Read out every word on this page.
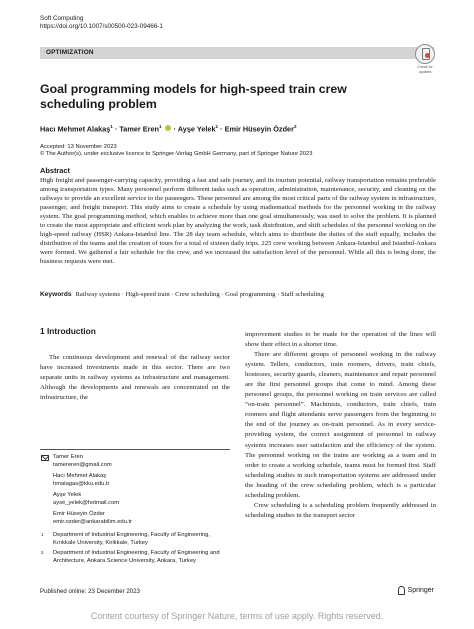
Soft Computing
https://doi.org/10.1007/s00500-023-09466-1
OPTIMIZATION
Check for
updates
Goal programming models for high-speed train crew scheduling problem
Hacı Mehmet Alakaş$^1$ · Tamer Eren$^1$  · Ayşe Yelek$^1$ · Emir Hüseyin Özder$^2$
Accepted: 13 November 2023
© The Author(s), under exclusive licence to Springer-Verlag GmbH Germany, part of Springer Nature 2023
Abstract
High freight and passenger-carrying capacity, providing a fast and safe journey, and its tourism potential, railway transportation remains preferable among transportation types. Many personnel perform different tasks such as operation, administration, maintenance, security, and cleaning on the railways to provide an excellent service to the passengers. These personnel are among the most critical parts of the railway system in infrastructure, passenger, and freight transport. This study aims to create a schedule by using mathematical methods for the personnel working in the railway system. The goal programming method, which enables to achieve more than one goal simultaneously, was used to solve the problem. It is planned to create the most appropriate and efficient work plan by analyzing the work, task distribution, and shift schedules of the personnel working on the high-speed railway (HSR) Ankara-Istanbul line. The 28 day team schedule, which aims to distribute the duties of the staff equally, includes the distribution of the teams and the creation of tours for a total of sixteen daily trips. 225 crew working between Ankara-Istanbul and Istanbul-Ankara were formed. We gathered a fair schedule for the crew, and we increased the satisfaction level of the personnel. While all this is being done, the business requests were met.
Keywords Railway systems · High-speed train · Crew scheduling · Goal programming · Staff scheduling
1 Introduction

The continuous development and renewal of the railway sector have increased investments made in this sector. There are two separate units in railway systems as infrastructure and management. Although the developments and renewals are concentrated on the infrastructure, the

improvement studies to be made for the operation of the lines will show their effect in a shorter time.

There are different groups of personnel working in the railway system. Tellers, conductors, train roomers, drivers, train chiefs, hostesses, security guards, cleaners, maintenance and repair personnel are the first personnel groups that come to mind. Among these personnel groups, the personnel working on train services are called “on-train personnel”. Machinists, conductors, train chiefs, train roomers and flight attendants serve passengers from the beginning to the end of the journey as on-train personnel. As in every service-providing system, the correct assignment of personnel in railway systems increases user satisfaction and the efficiency of the system. The personnel working on the trains are working as a team and in order to create a working schedule, teams must be formed first. Staff scheduling studies in such transportation systems are addressed under the heading of the crew scheduling problem, which is a particular scheduling problem.

Crew scheduling is a scheduling problem frequently addressed in scheduling studies in the transport sector

Tamer Eren
tamereren@gmail.com
Hacı Mehmet Alakaş
hmalagas@kku.edu.tr
Ayşe Yelek
ayse_yelek@hotmail.com
Emir Hüseyin Özder
emir.ozder@ankarabilim.edu.tr
1 Department of Industrial Engineering, Faculty of Engineering, Kırıkkale University, Kirikkale, Turkey
2 Department of Industrial Engineering, Faculty of Engineering and Architecture, Ankara Science University, Ankara, Turkey
Published online: 23 December 2023	Springer
Content courtesy of Springer Nature, terms of use apply. Rights reserved.
